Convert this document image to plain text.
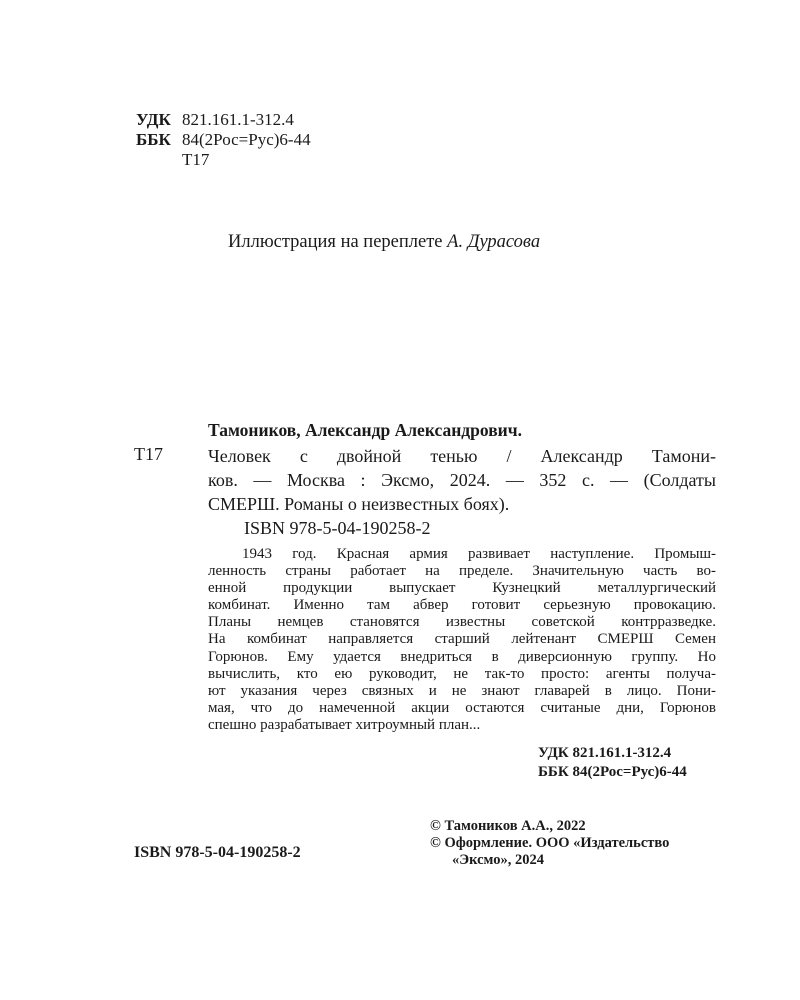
УДК 821.161.1-312.4
ББК 84(2Рос=Рус)6-44
Т17
Иллюстрация на переплете А. Дурасова
Тамоников, Александр Александрович.
Т17	Человек с двойной тенью / Александр Тамони-
ков. — Москва : Эксмо, 2024. — 352 с. — (Солдаты
СМЕРШ. Романы о неизвестных боях).
ISBN 978-5-04-190258-2
1943 год. Красная армия развивает наступление. Промыш-
ленность страны работает на пределе. Значительную часть во-
енной продукции выпускает Кузнецкий металлургический
комбинат. Именно там абвер готовит серьезную провокацию.
Планы немцев становятся известны советской контрразведке.
На комбинат направляется старший лейтенант СМЕРШ Семен
Горюнов. Ему удается внедриться в диверсионную группу. Но
вычислить, кто ею руководит, не так-то просто: агенты получа-
ют указания через связных и не знают главарей в лицо. Пони-
мая, что до намеченной акции остаются считаные дни, Горюнов
спешно разрабатывает хитроумный план...
УДК 821.161.1-312.4
ББК 84(2Рос=Рус)6-44
© Тамоников А.А., 2022
© Оформление. ООО «Издательство
«Эксмо», 2024
ISBN 978-5-04-190258-2
